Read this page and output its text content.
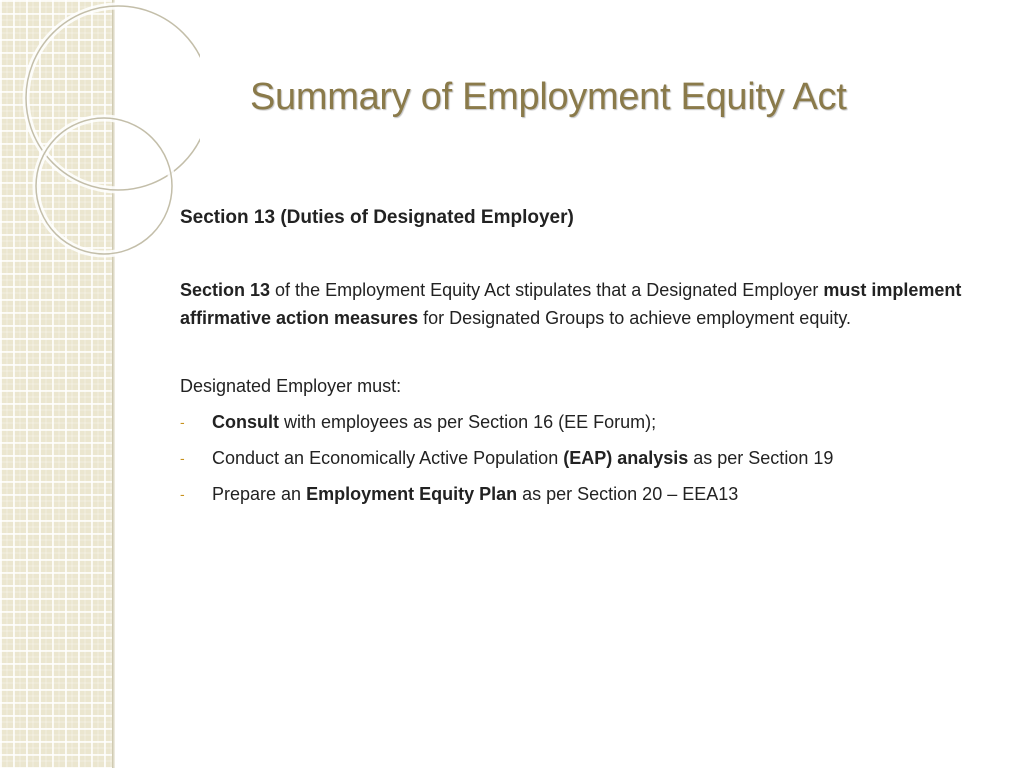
Summary of Employment Equity Act

Section 13 (Duties of Designated Employer)

Section 13 of the Employment Equity Act stipulates that a Designated Employer must implement affirmative action measures for Designated Groups to achieve employment equity.

Designated Employer must:

- Consult with employees as per Section 16 (EE Forum);
- Conduct an Economically Active Population (EAP) analysis as per Section 19
- Prepare an Employment Equity Plan as per Section 20 – EEA13
